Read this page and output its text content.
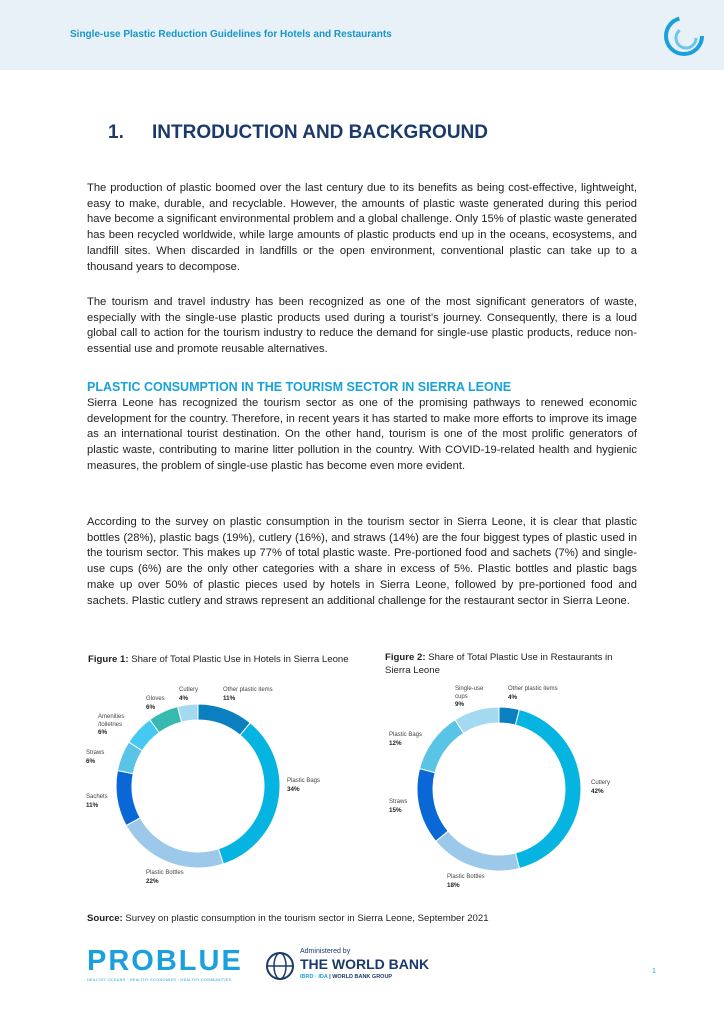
Single-use Plastic Reduction Guidelines for Hotels and Restaurants
1. INTRODUCTION AND BACKGROUND

The production of plastic boomed over the last century due to its benefits as being cost-effective, lightweight, easy to make, durable, and recyclable. However, the amounts of plastic waste generated during this period have become a significant environmental problem and a global challenge. Only 15% of plastic waste generated has been recycled worldwide, while large amounts of plastic products end up in the oceans, ecosystems, and landfill sites. When discarded in landfills or the open environment, conventional plastic can take up to a thousand years to decompose.

The tourism and travel industry has been recognized as one of the most significant generators of waste, especially with the single-use plastic products used during a tourist’s journey. Consequently, there is a loud global call to action for the tourism industry to reduce the demand for single-use plastic products, reduce non-essential use and promote reusable alternatives.

PLASTIC CONSUMPTION IN THE TOURISM SECTOR IN SIERRA LEONE

Sierra Leone has recognized the tourism sector as one of the promising pathways to renewed economic development for the country. Therefore, in recent years it has started to make more efforts to improve its image as an international tourist destination. On the other hand, tourism is one of the most prolific generators of plastic waste, contributing to marine litter pollution in the country. With COVID-19-related health and hygienic measures, the problem of single-use plastic has become even more evident.

According to the survey on plastic consumption in the tourism sector in Sierra Leone, it is clear that plastic bottles (28%), plastic bags (19%), cutlery (16%), and straws (14%) are the four biggest types of plastic used in the tourism sector. This makes up 77% of total plastic waste. Pre-portioned food and sachets (7%) and single-use cups (6%) are the only other categories with a share in excess of 5%. Plastic bottles and plastic bags make up over 50% of plastic pieces used by hotels in Sierra Leone, followed by pre-portioned food and sachets. Plastic cutlery and straws represent an additional challenge for the restaurant sector in Sierra Leone.

Figure 1: Share of Total Plastic Use in Hotels in Sierra Leone	Figure 2: Share of Total Plastic Use in Restaurants in Sierra Leone
Other plastic items
11%
Plastic Bags
34%
Plastic Bottles
22%
Sachets
11%
Straws
6%
Amenities /toiletries
6%
Gloves
6%
Cutlery
4%
Other plastic items
4%
Cutlery
42%
Plastic Bottles
18%
Straws
15%
Plastic Bags
12%
Single-use cups
9%
Source: Survey on plastic consumption in the tourism sector in Sierra Leone, September 2021
PROBLUE
HEALTHY OCEANS · HEALTHY ECONOMIES · HEALTHY COMMUNITIES
Administered by
THE WORLD BANK
IBRD · IDA | WORLD BANK GROUP
1
